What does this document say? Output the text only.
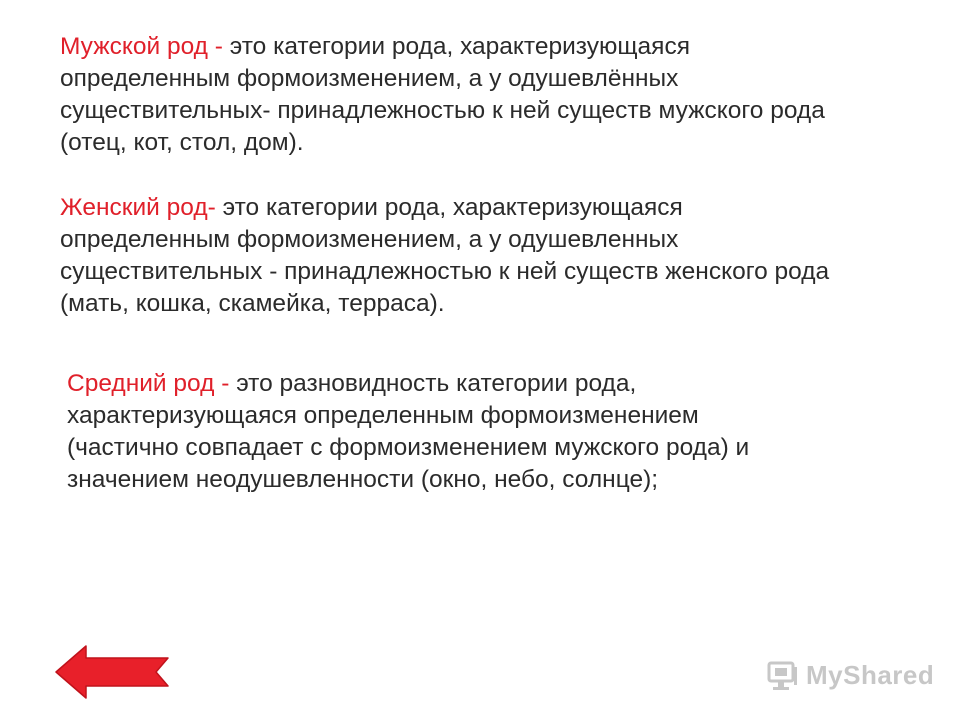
Мужской род - это категории рода, характеризующаяся
определенным формоизменением, а у одушевлённых
существительных- принадлежностью к ней существ мужского рода
(отец, кот, стол, дом).

Женский род- это категории рода, характеризующаяся
определенным формоизменением, а у одушевленных
существительных - принадлежностью к ней существ женского рода
(мать, кошка, скамейка, терраса).

Средний род - это разновидность категории рода,
характеризующаяся определенным формоизменением
(частично совпадает с формоизменением мужского рода) и
значением неодушевленности (окно, небо, солнце);

MyShared
